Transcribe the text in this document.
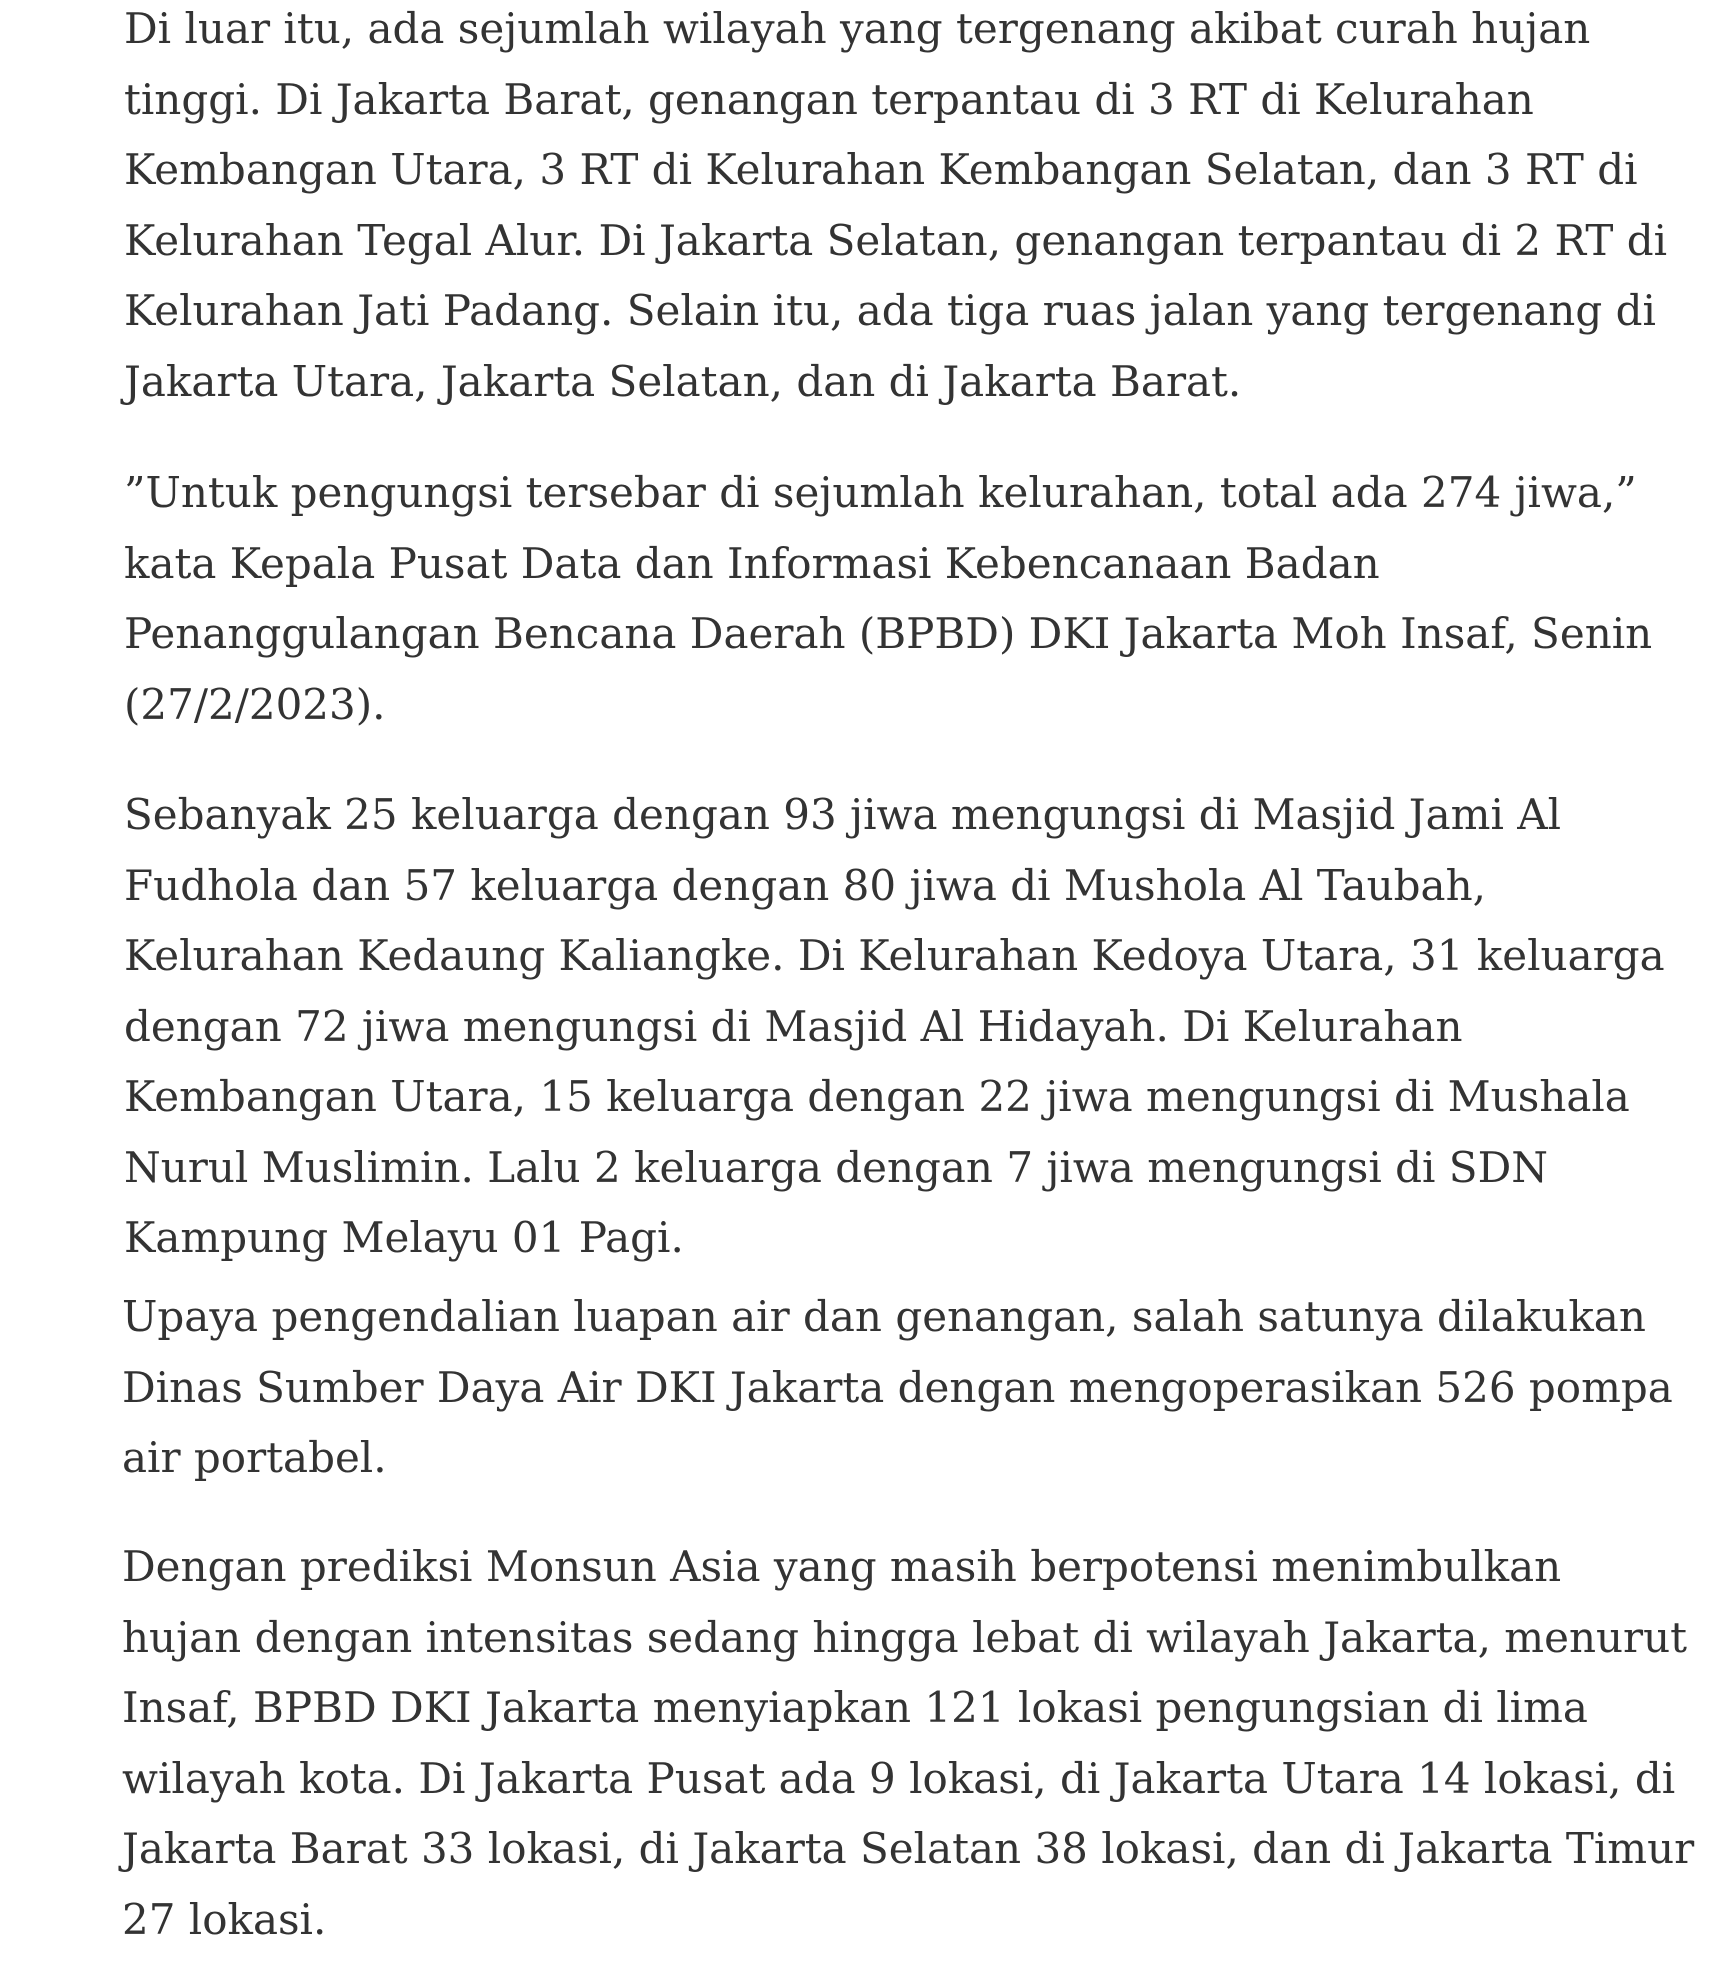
Di luar itu, ada sejumlah wilayah yang tergenang akibat curah hujan
tinggi. Di Jakarta Barat, genangan terpantau di 3 RT di Kelurahan
Kembangan Utara, 3 RT di Kelurahan Kembangan Selatan, dan 3 RT di
Kelurahan Tegal Alur. Di Jakarta Selatan, genangan terpantau di 2 RT di
Kelurahan Jati Padang. Selain itu, ada tiga ruas jalan yang tergenang di
Jakarta Utara, Jakarta Selatan, dan di Jakarta Barat.

”Untuk pengungsi tersebar di sejumlah kelurahan, total ada 274 jiwa,”
kata Kepala Pusat Data dan Informasi Kebencanaan Badan
Penanggulangan Bencana Daerah (BPBD) DKI Jakarta Moh Insaf, Senin
(27/2/2023).

Sebanyak 25 keluarga dengan 93 jiwa mengungsi di Masjid Jami Al
Fudhola dan 57 keluarga dengan 80 jiwa di Mushola Al Taubah,
Kelurahan Kedaung Kaliangke. Di Kelurahan Kedoya Utara, 31 keluarga
dengan 72 jiwa mengungsi di Masjid Al Hidayah. Di Kelurahan
Kembangan Utara, 15 keluarga dengan 22 jiwa mengungsi di Mushala
Nurul Muslimin. Lalu 2 keluarga dengan 7 jiwa mengungsi di SDN
Kampung Melayu 01 Pagi.

Upaya pengendalian luapan air dan genangan, salah satunya dilakukan
Dinas Sumber Daya Air DKI Jakarta dengan mengoperasikan 526 pompa
air portabel.

Dengan prediksi Monsun Asia yang masih berpotensi menimbulkan
hujan dengan intensitas sedang hingga lebat di wilayah Jakarta, menurut
Insaf, BPBD DKI Jakarta menyiapkan 121 lokasi pengungsian di lima
wilayah kota. Di Jakarta Pusat ada 9 lokasi, di Jakarta Utara 14 lokasi, di
Jakarta Barat 33 lokasi, di Jakarta Selatan 38 lokasi, dan di Jakarta Timur
27 lokasi.
